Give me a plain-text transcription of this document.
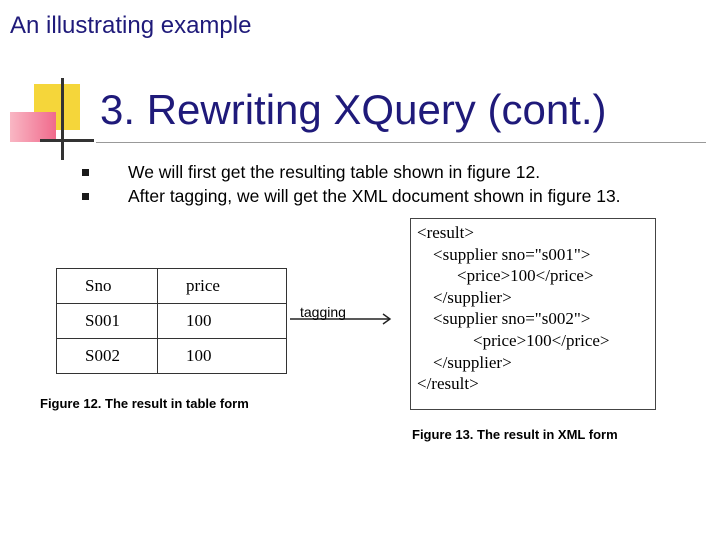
An illustrating example
3. Rewriting XQuery (cont.)
We will first get the resulting table shown in figure 12.
After tagging, we will get the XML document shown in figure 13.
Sno	price
S001	100
S002	100
Figure 12. The result in table form
tagging
<result>
<supplier sno="s001">
<price>100</price>
</supplier>
<supplier sno="s002">
<price>100</price>
</supplier>
</result>
Figure 13. The result in XML form
